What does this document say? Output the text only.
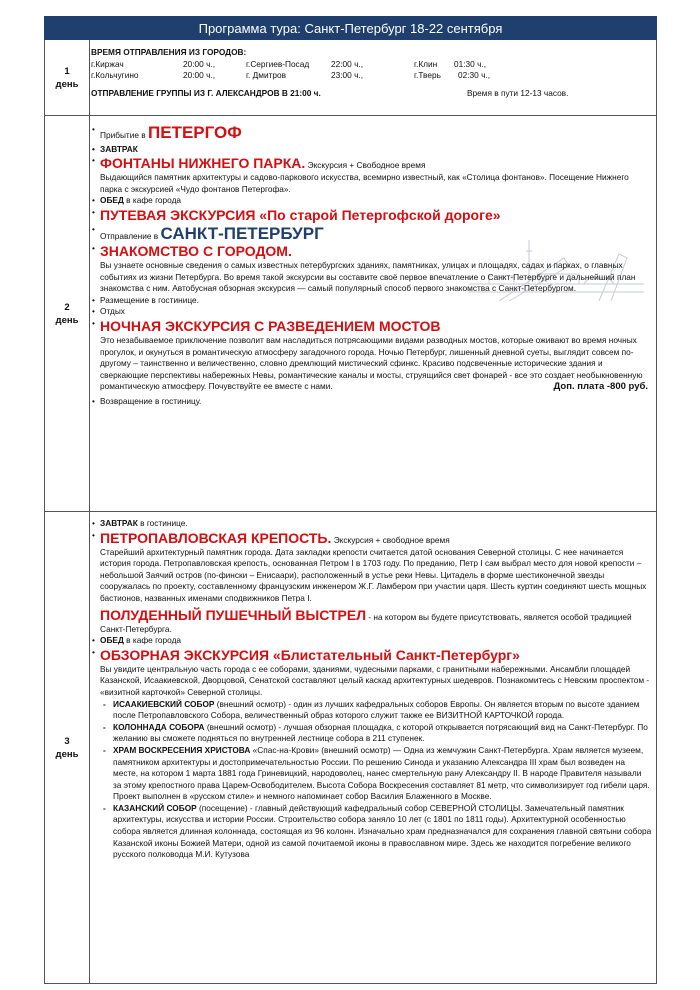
Программа тура: Санкт-Петербург 18-22 сентября
1
день
ВРЕМЯ ОТПРАВЛЕНИЯ ИЗ ГОРОДОВ:
г.Киржач	20:00 ч.,	г.Сергиев-Посад	22:00 ч.,	г.Клин 01:30 ч.,
г.Кольчугино	20:00 ч.,	г. Дмитров	23:00 ч.,	г.Тверь 02:30 ч.,
ОТПРАВЛЕНИЕ ГРУППЫ ИЗ Г. АЛЕКСАНДРОВ В 21:00 ч.	Время в пути 12-13 часов.
2
день
• Прибытие в ПЕТЕРГОФ
• ЗАВТРАК
• ФОНТАНЫ НИЖНЕГО ПАРКА. Экскурсия + Свободное время
Выдающийся памятник архитектуры и садово-паркового искусства, всемирно известный, как «Столица фонтанов». Посещение Нижнего парка с экскурсией «Чудо фонтанов Петергофа».
• ОБЕД в кафе города
• ПУТЕВАЯ ЭКСКУРСИЯ «По старой Петергофской дороге»
• Отправление в САНКТ-ПЕТЕРБУРГ
• ЗНАКОМСТВО С ГОРОДОМ.
Вы узнаете основные сведения о самых известных петербургских зданиях, памятниках, улицах и площадях, садах и парках, о главных событиях из жизни Петербурга. Во время такой экскурсии вы составите своё первое впечатление о Санкт-Петербурге и дальнейший план знакомства с ним. Автобусная обзорная экскурсия — самый популярный способ первого знакомства с Санкт-Петербургом.
• Размещение в гостинице.
• Отдых
• НОЧНАЯ ЭКСКУРСИЯ С РАЗВЕДЕНИЕМ МОСТОВ
Это незабываемое приключение позволит вам насладиться потрясающими видами разводных мостов, которые оживают во время ночных прогулок, и окунуться в романтическую атмосферу загадочного города. Ночью Петербург, лишенный дневной суеты, выглядит совсем по-другому – таинственно и величественно, словно дремлющий мистический сфинкс. Красиво подсвеченные исторические здания и сверкающие перспективы набережных Невы, романтические каналы и мосты, струящийся свет фонарей - все это создает необыкновенную романтическую атмосферу. Почувствуйте ее вместе с нами.	Доп. плата -800 руб.
• Возвращение в гостиницу.
3
день
• ЗАВТРАК в гостинице.
• ПЕТРОПАВЛОВСКАЯ КРЕПОСТЬ. Экскурсия + свободное время
Старейший архитектурный памятник города. Дата закладки крепости считается датой основания Северной столицы. С нее начинается история города. Петропавловская крепость, основанная Петром I в 1703 году. По преданию, Петр I сам выбрал место для новой крепости – небольшой Заячий остров (по-фински – Енисаари), расположенный в устье реки Невы. Цитадель в форме шестиконечной звезды сооружалась по проекту, составленному французским инженером Ж.Г. Ламбером при участии царя. Шесть куртин соединяют шесть мощных бастионов, названных именами сподвижников Петра I.
ПОЛУДЕННЫЙ ПУШЕЧНЫЙ ВЫСТРЕЛ - на котором вы будете присутствовать, является особой традицией Санкт-Петербурга.
• ОБЕД в кафе города
• ОБЗОРНАЯ ЭКСКУРСИЯ «Блистательный Санкт-Петербург»
Вы увидите центральную часть города с ее соборами, зданиями, чудесными парками, с гранитными набережными. Ансамбли площадей Казанской, Исаакиевской, Дворцовой, Сенатской составляют целый каскад архитектурных шедевров. Познакомитесь с Невским проспектом - «визитной карточкой» Северной столицы.
- ИСААКИЕВСКИЙ СОБОР (внешний осмотр) - один из лучших кафедральных соборов Европы. Он является вторым по высоте зданием после Петропавловского Собора, величественный образ которого служит также ее ВИЗИТНОЙ КАРТОЧКОЙ города.
- КОЛОННАДА СОБОРА (внешний осмотр) - лучшая обзорная площадка, с которой открывается потрясающий вид на Санкт-Петербург. По желанию вы сможете подняться по внутренней лестнице собора в 211 ступенек.
- ХРАМ ВОСКРЕСЕНИЯ ХРИСТОВА «Спас-на-Крови» (внешний осмотр) — Одна из жемчужин Санкт-Петербурга. Храм является музеем, памятником архитектуры и достопримечательностью России. По решению Синода и указанию Александра III храм был возведен на месте, на котором 1 марта 1881 года Гриневицкий, народоволец, нанес смертельную рану Александру II. В народе Правителя называли за этому крепостного права Царем-Освободителем. Высота Собора Воскресения составляет 81 метр, что символизирует год гибели царя. Проект выполнен в «русском стиле» и немного напоминает собор Василия Блаженного в Москве.
- КАЗАНСКИЙ СОБОР (посещение) - главный действующий кафедральный собор СЕВЕРНОЙ СТОЛИЦЫ. Замечательный памятник архитектуры, искусства и истории России. Строительство собора заняло 10 лет (с 1801 по 1811 годы). Архитектурной особенностью собора является длинная колоннада, состоящая из 96 колонн. Изначально храм предназначался для сохранения главной святыни собора Казанской иконы Божией Матери, одной из самой почитаемой иконы в православном мире. Здесь же находится погребение великого русского полководца М.И. Кутузова
